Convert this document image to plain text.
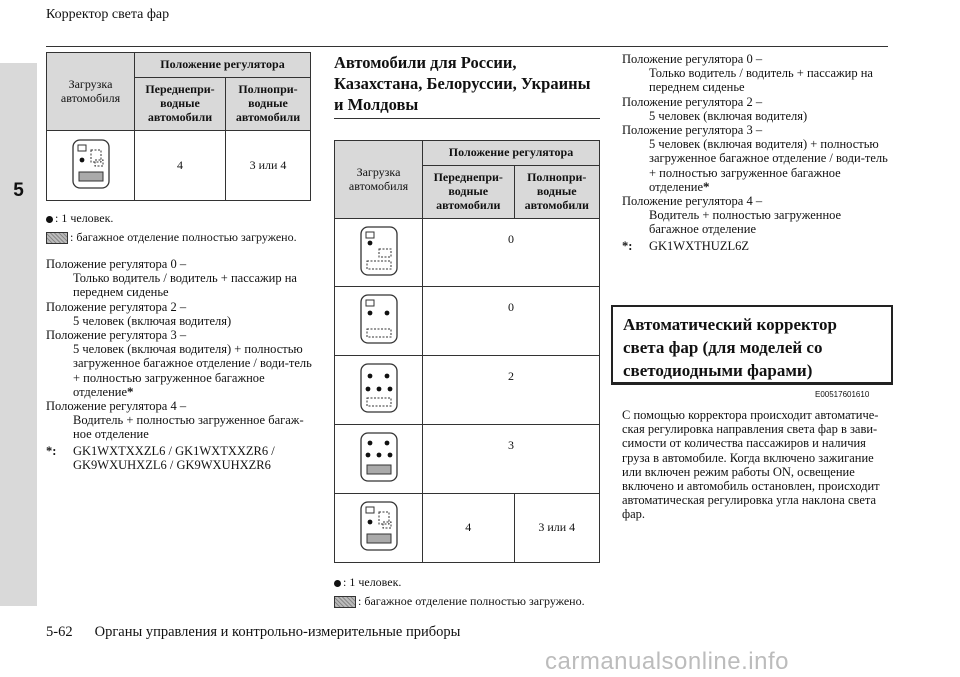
5
Корректор света фар
Загрузка автомобиля	Положение регулятора	
	Переднепри-водные автомобили	Полнопри-водные автомобили
	4	3 или 4
: 1 человек.
: багажное отделение полностью загружено.

Положение регулятора 0 –

Только водитель / водитель + пассажир на переднем сиденье

Положение регулятора 2 –

5 человек (включая водителя)

Положение регулятора 3 –

5 человек (включая водителя) + полностью загруженное багажное отделение / води-тель + полностью загруженное багажное отделение*

Положение регулятора 4 –

Водитель + полностью загруженное багаж-ное отделение

*:	GK1WXTXXZL6 / GK1WXTXXZR6 / GK9WXUHXZL6 / GK9WXUHXZR6
Автомобили для России, Казахстана, Белоруссии, Украины и Молдовы
Загрузка автомобиля	Положение регулятора	
	Переднепри-водные автомобили	Полнопри-водные автомобили
	0	
	0	
	2	
	3	
	4	3 или 4
: 1 человек.
: багажное отделение полностью загружено.

Положение регулятора 0 –

Только водитель / водитель + пассажир на переднем сиденье

Положение регулятора 2 –

5 человек (включая водителя)

Положение регулятора 3 –

5 человек (включая водителя) + полностью загруженное багажное отделение / води-тель + полностью загруженное багажное отделение*

Положение регулятора 4 –

Водитель + полностью загруженное багажное отделение

*:	GK1WXTHUZL6Z
Автоматический корректор света фар (для моделей со светодиодными фарами)
E00517601610
С помощью корректора происходит автоматиче-ская регулировка направления света фар в зави-симости от количества пассажиров и наличия груза в автомобиле. Когда включено зажигание или включен режим работы ON, освещение включено и автомобиль остановлен, происходит автоматическая регулировка угла наклона света фар.
5-62 Органы управления и контрольно-измерительные приборы
carmanualsonline.info
